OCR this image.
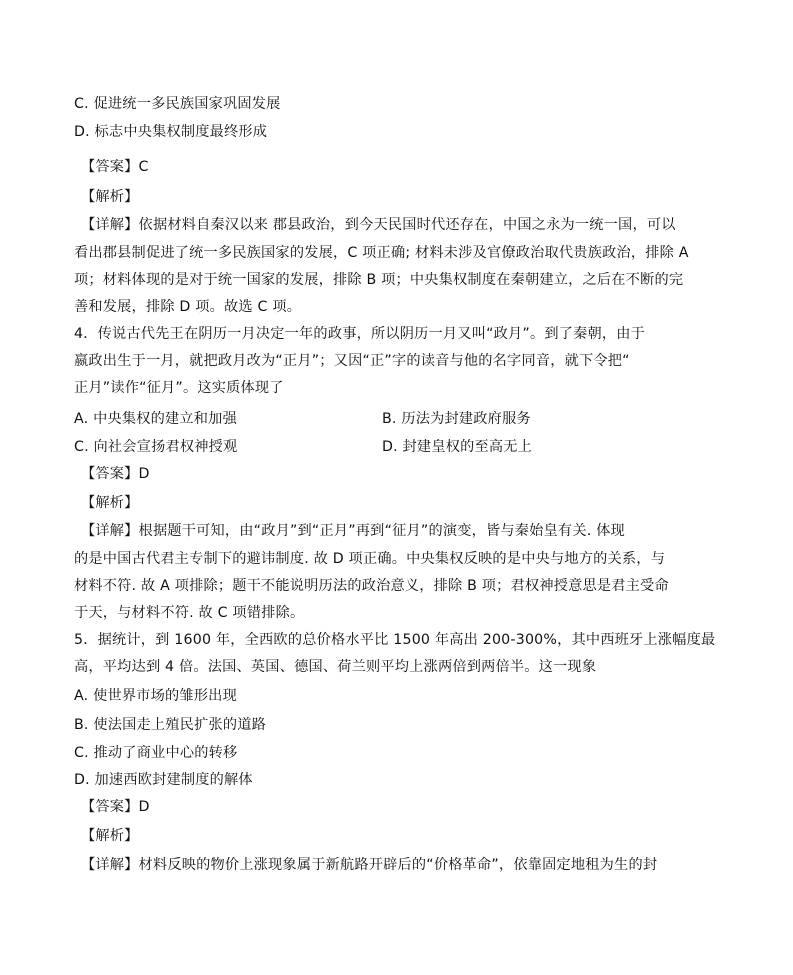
C. 促进统一多民族国家巩固发展
D. 标志中央集权制度最终形成
【答案】C
【解析】
【详解】依据材料自秦汉以来 郡县政治，到今天民国时代还存在，中国之永为一统一国，可以
看出郡县制促进了统一多民族国家的发展，C 项正确; 材料未涉及官僚政治取代贵族政治，排除 A
项；材料体现的是对于统一国家的发展，排除 B 项；中央集权制度在秦朝建立，之后在不断的完
善和发展，排除 D 项。故选 C 项。
4．传说古代先王在阴历一月决定一年的政事，所以阴历一月又叫“政月”。到了秦朝，由于
嬴政出生于一月，就把政月改为“正月”；又因“正”字的读音与他的名字同音，就下令把“
正月”读作“征月”。这实质体现了
A. 中央集权的建立和加强	B. 历法为封建政府服务
C. 向社会宣扬君权神授观	D. 封建皇权的至高无上
【答案】D
【解析】
【详解】根据题干可知，由“政月”到“正月”再到“征月”的演变，皆与秦始皇有关. 体现
的是中国古代君主专制下的避讳制度. 故 D 项正确。中央集权反映的是中央与地方的关系，与
材料不符. 故 A 项排除；题干不能说明历法的政治意义，排除 B 项；君权神授意思是君主受命
于天，与材料不符. 故 C 项错排除。
5．据统计，到 1600 年，全西欧的总价格水平比 1500 年高出 200-300%，其中西班牙上涨幅度最
高，平均达到 4 倍。法国、英国、德国、荷兰则平均上涨两倍到两倍半。这一现象
A. 使世界市场的雏形出现
B. 使法国走上殖民扩张的道路
C. 推动了商业中心的转移
D. 加速西欧封建制度的解体
【答案】D
【解析】
【详解】材料反映的物价上涨现象属于新航路开辟后的“价格革命”，依靠固定地租为生的封
